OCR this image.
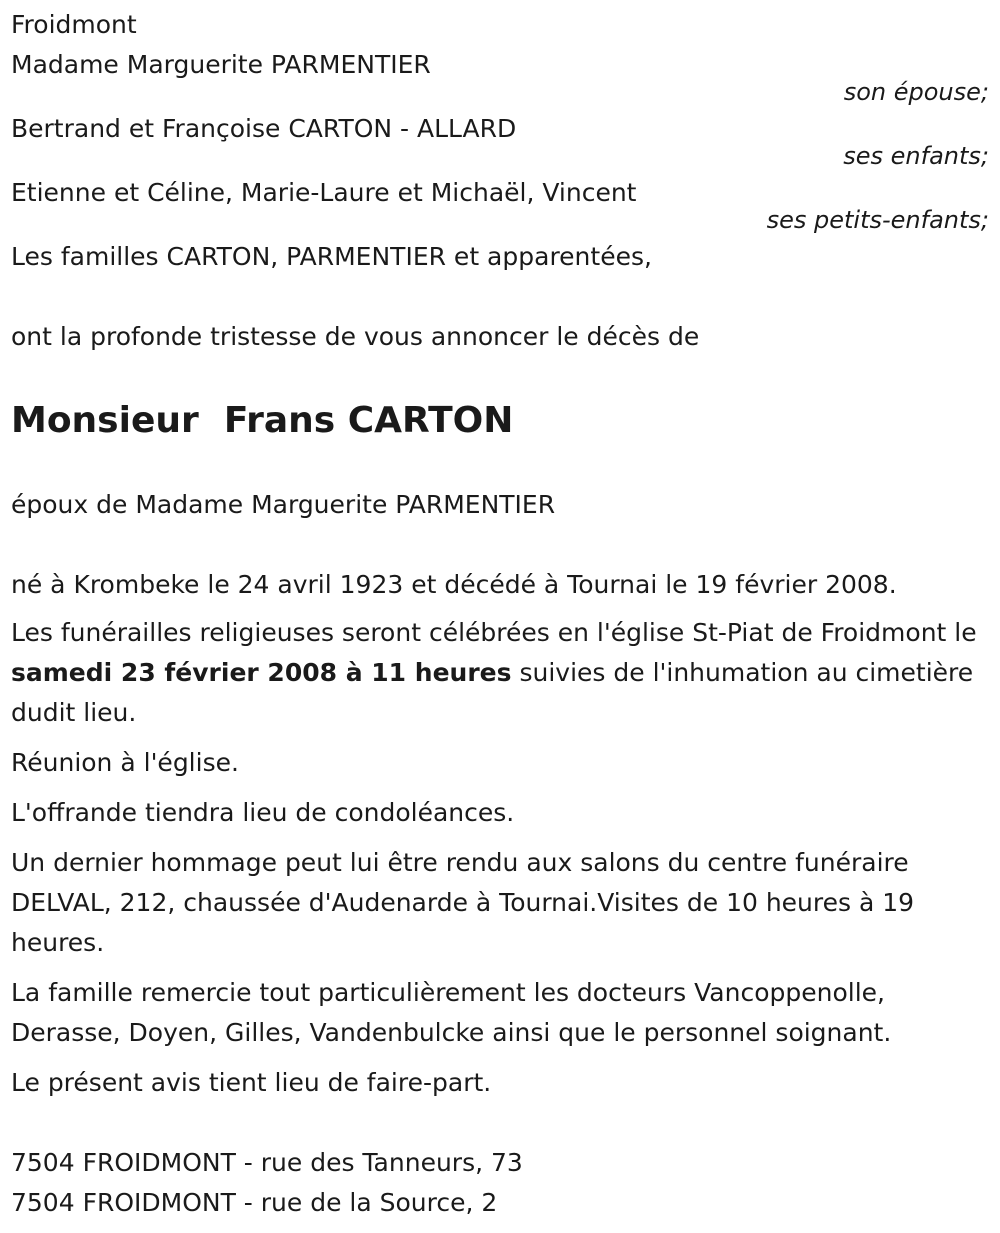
Froidmont
Madame Marguerite PARMENTIER
son épouse;
Bertrand et Françoise CARTON - ALLARD
ses enfants;
Etienne et Céline, Marie-Laure et Michaël, Vincent
ses petits-enfants;
Les familles CARTON, PARMENTIER et apparentées,
ont la profonde tristesse de vous annoncer le décès de
Monsieur  Frans CARTON
époux de Madame Marguerite PARMENTIER
né à Krombeke le 24 avril 1923 et décédé à Tournai le 19 février 2008.

Les funérailles religieuses seront célébrées en l'église St-Piat de Froidmont le samedi 23 février 2008 à 11 heures suivies de l'inhumation au cimetière dudit lieu.

Réunion à l'église.

L'offrande tiendra lieu de condoléances.

Un dernier hommage peut lui être rendu aux salons du centre funéraire DELVAL, 212, chaussée d'Audenarde à Tournai.Visites de 10 heures à 19 heures.

La famille remercie tout particulièrement les docteurs Vancoppenolle, Derasse, Doyen, Gilles, Vandenbulcke ainsi que le personnel soignant.

Le présent avis tient lieu de faire-part.

7504 FROIDMONT - rue des Tanneurs, 73
7504 FROIDMONT - rue de la Source, 2
